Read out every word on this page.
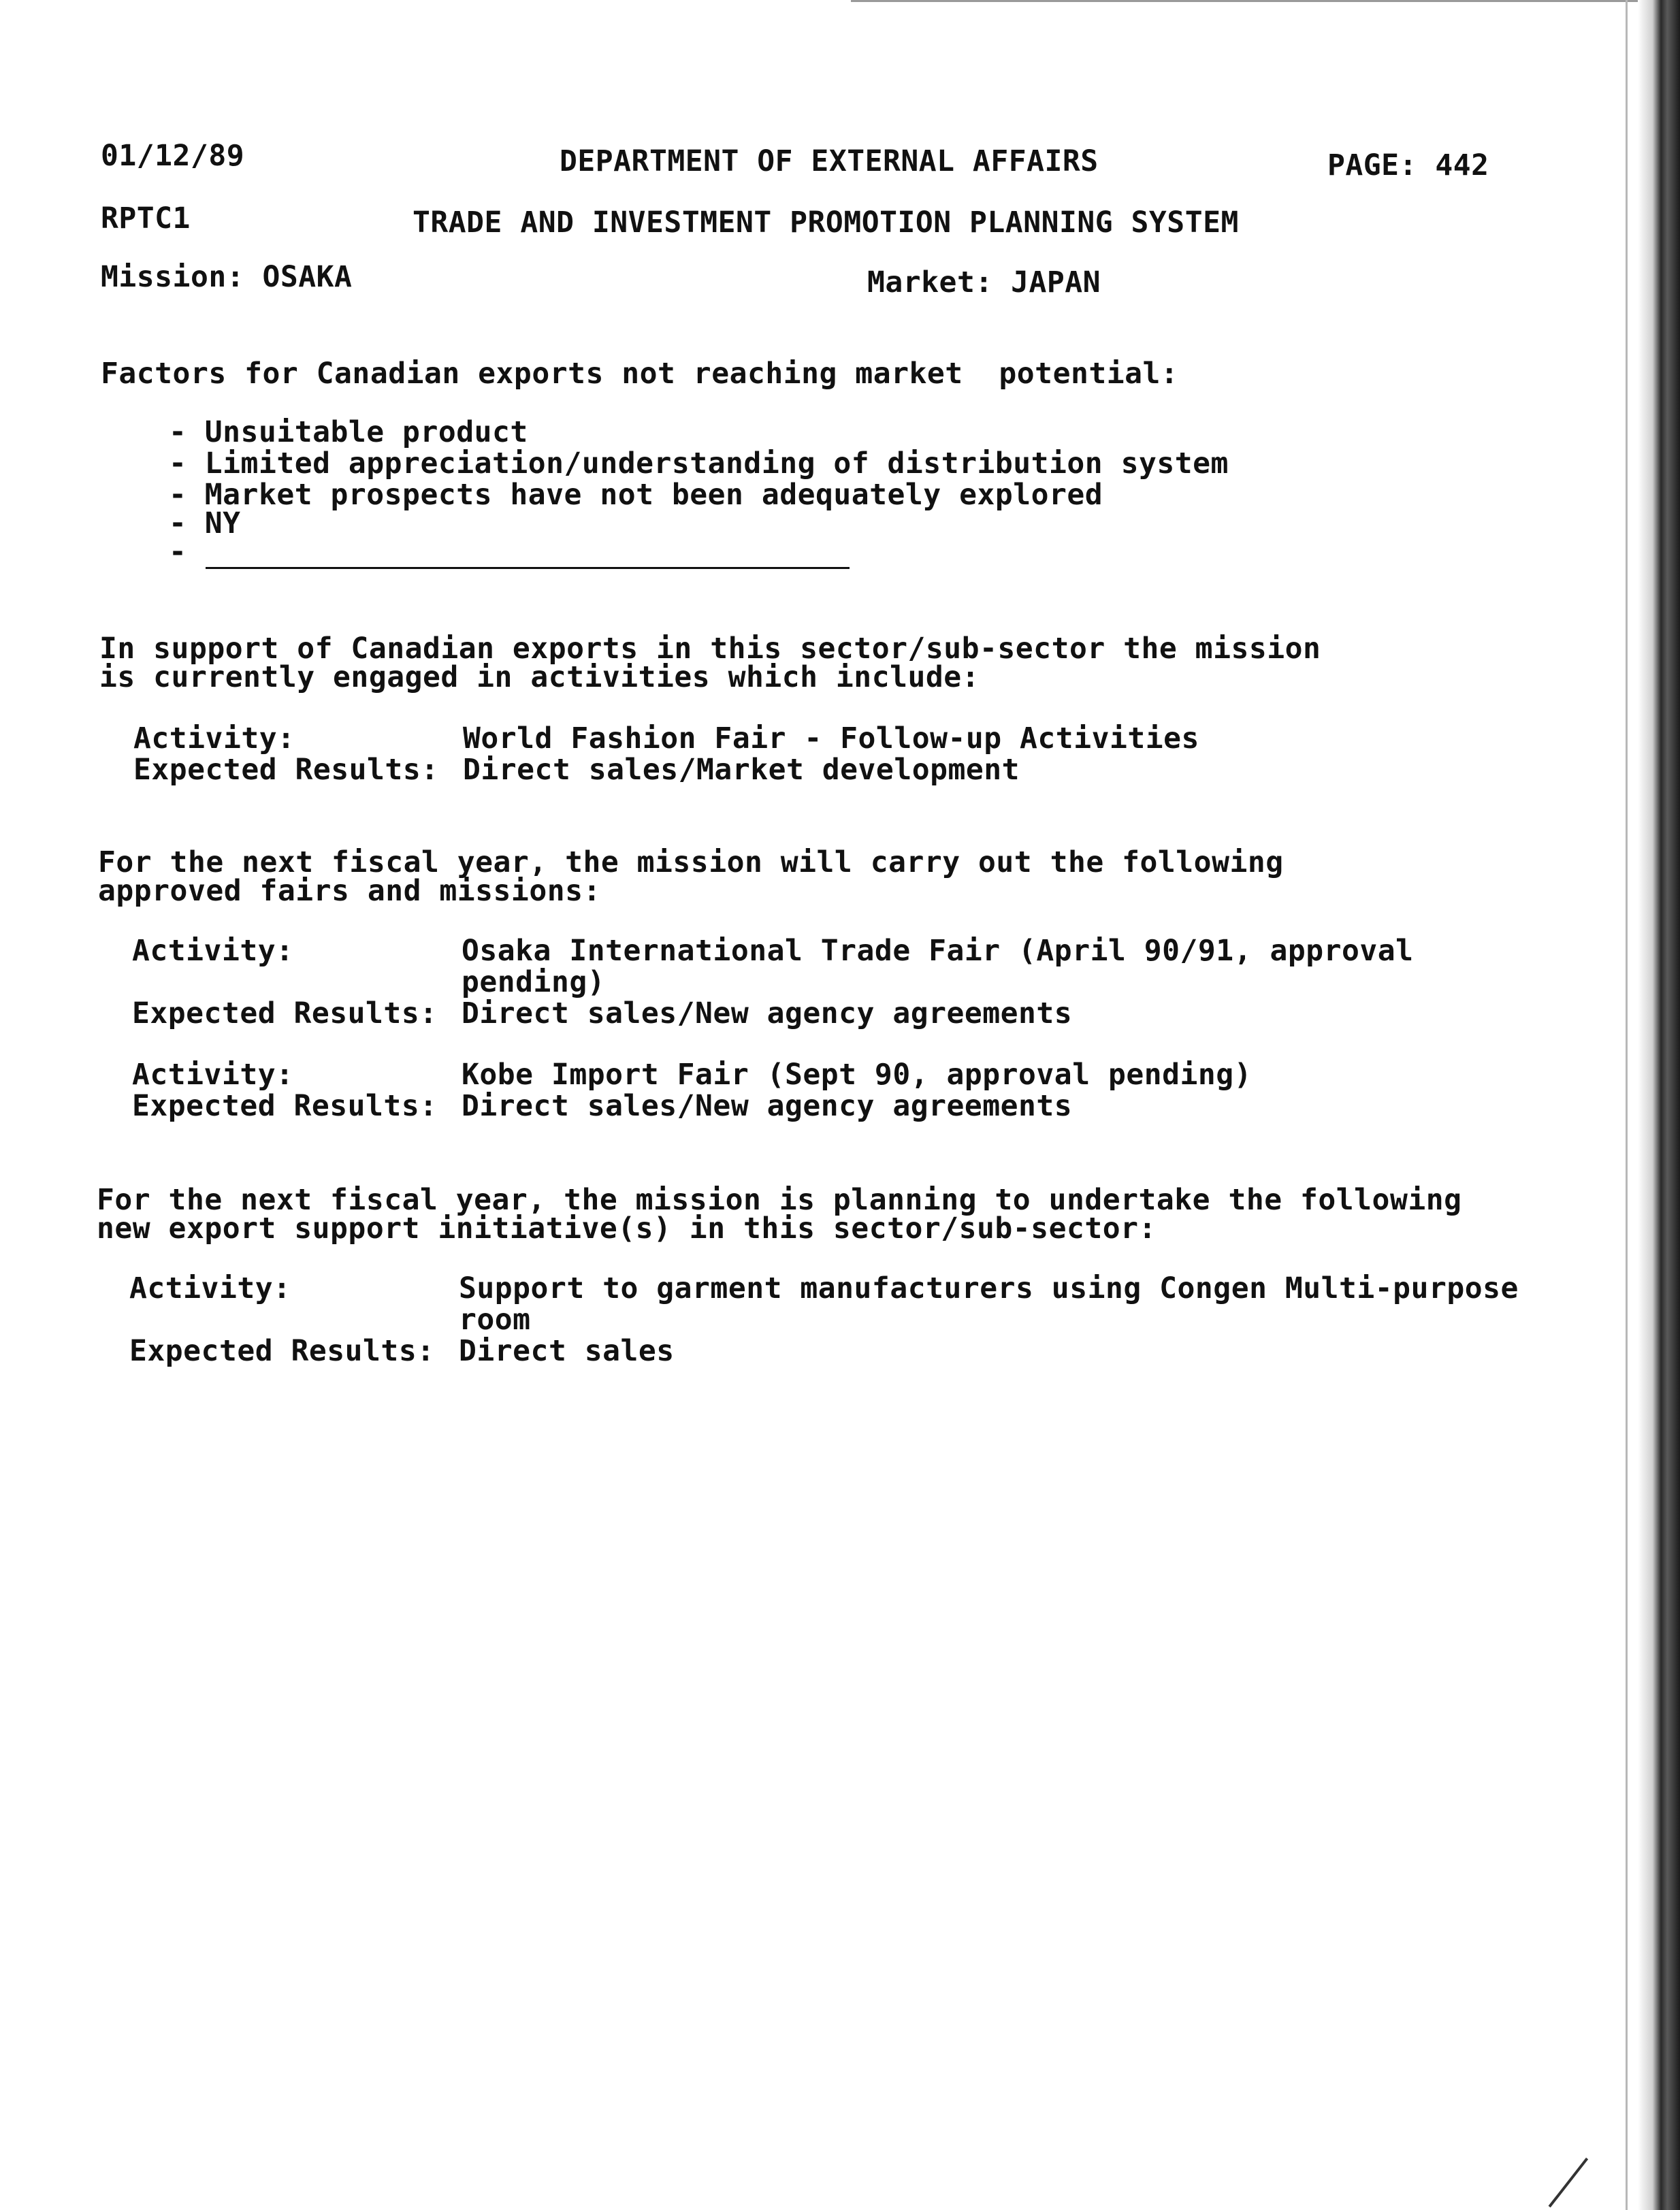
01/12/89	DEPARTMENT OF EXTERNAL AFFAIRS	PAGE: 442
RPTC1	TRADE AND INVESTMENT PROMOTION PLANNING SYSTEM
Mission: OSAKA	Market: JAPAN
Factors for Canadian exports not reaching market  potential:
- Unsuitable product
- Limited appreciation/understanding of distribution system
- Market prospects have not been adequately explored
- NY
-
In support of Canadian exports in this sector/sub-sector the mission
is currently engaged in activities which include:
Activity:	World Fashion Fair - Follow-up Activities
Expected Results: Direct sales/Market development
For the next fiscal year, the mission will carry out the following
approved fairs and missions:
Activity:	Osaka International Trade Fair (April 90/91, approval
pending)
Expected Results: Direct sales/New agency agreements
Activity:	Kobe Import Fair (Sept 90, approval pending)
Expected Results: Direct sales/New agency agreements
For the next fiscal year, the mission is planning to undertake the following
new export support initiative(s) in this sector/sub-sector:
Activity:	Support to garment manufacturers using Congen Multi-purpose
room
Expected Results: Direct sales
